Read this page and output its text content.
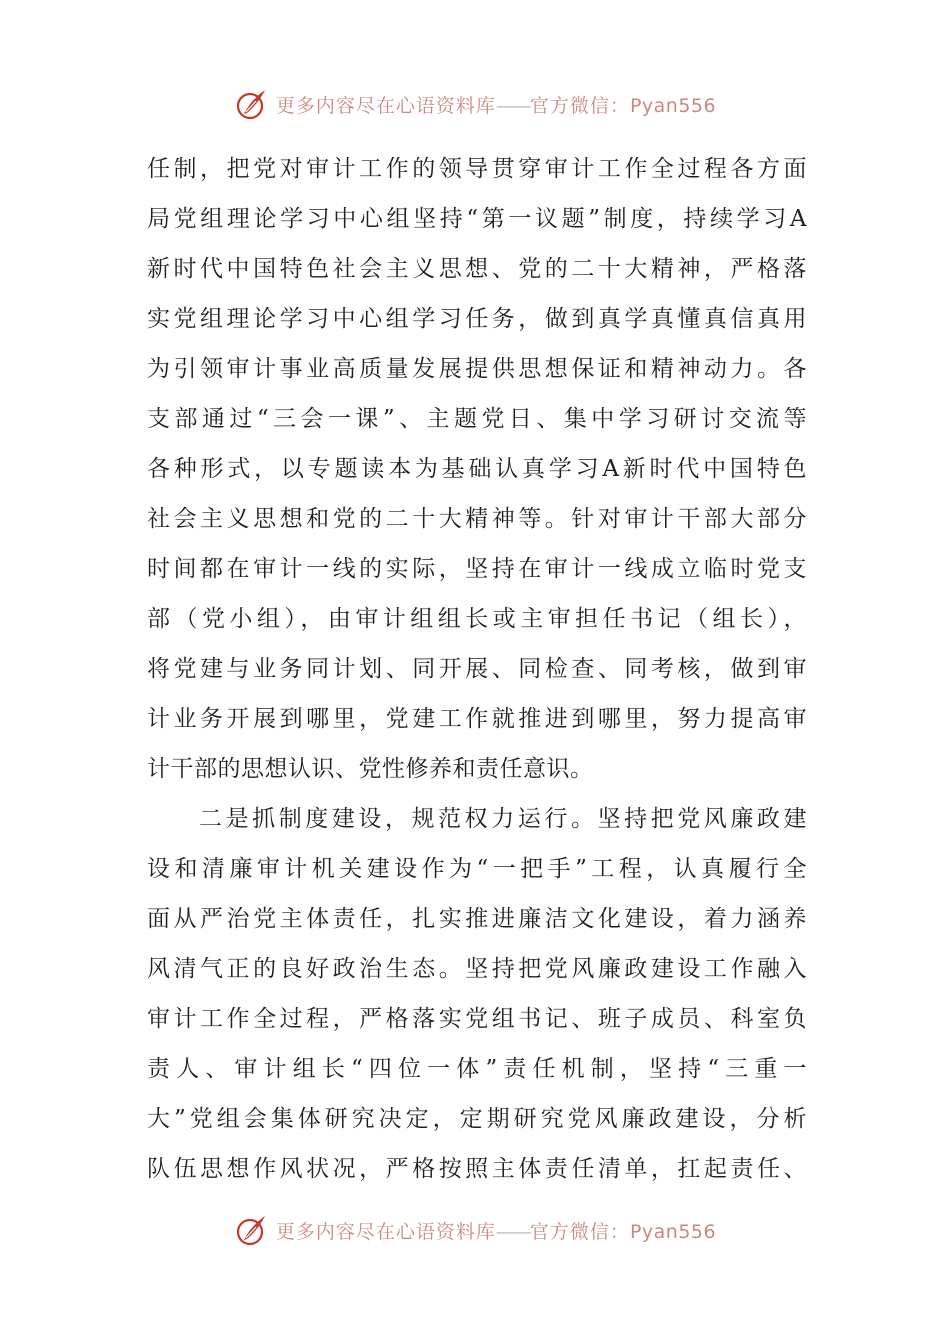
更多内容尽在心语资料库——官方微信：Pyan556
任制，把党对审计工作的领导贯穿审计工作全过程各方面
局党组理论学习中心组坚持“第一议题”制度，持续学习A
新时代中国特色社会主义思想、党的二十大精神，严格落
实党组理论学习中心组学习任务，做到真学真懂真信真用
为引领审计事业高质量发展提供思想保证和精神动力。各
支部通过“三会一课”、主题党日、集中学习研讨交流等
各种形式，以专题读本为基础认真学习A新时代中国特色
社会主义思想和党的二十大精神等。针对审计干部大部分
时间都在审计一线的实际，坚持在审计一线成立临时党支
部（党小组），由审计组组长或主审担任书记（组长），
将党建与业务同计划、同开展、同检查、同考核，做到审
计业务开展到哪里，党建工作就推进到哪里，努力提高审
计干部的思想认识、党性修养和责任意识。
二是抓制度建设，规范权力运行。坚持把党风廉政建
设和清廉审计机关建设作为“一把手”工程，认真履行全
面从严治党主体责任，扎实推进廉洁文化建设，着力涵养
风清气正的良好政治生态。坚持把党风廉政建设工作融入
审计工作全过程，严格落实党组书记、班子成员、科室负
责人、审计组长“四位一体”责任机制，坚持“三重一
大”党组会集体研究决定，定期研究党风廉政建设，分析
队伍思想作风状况，严格按照主体责任清单，扛起责任、
更多内容尽在心语资料库——官方微信：Pyan556
